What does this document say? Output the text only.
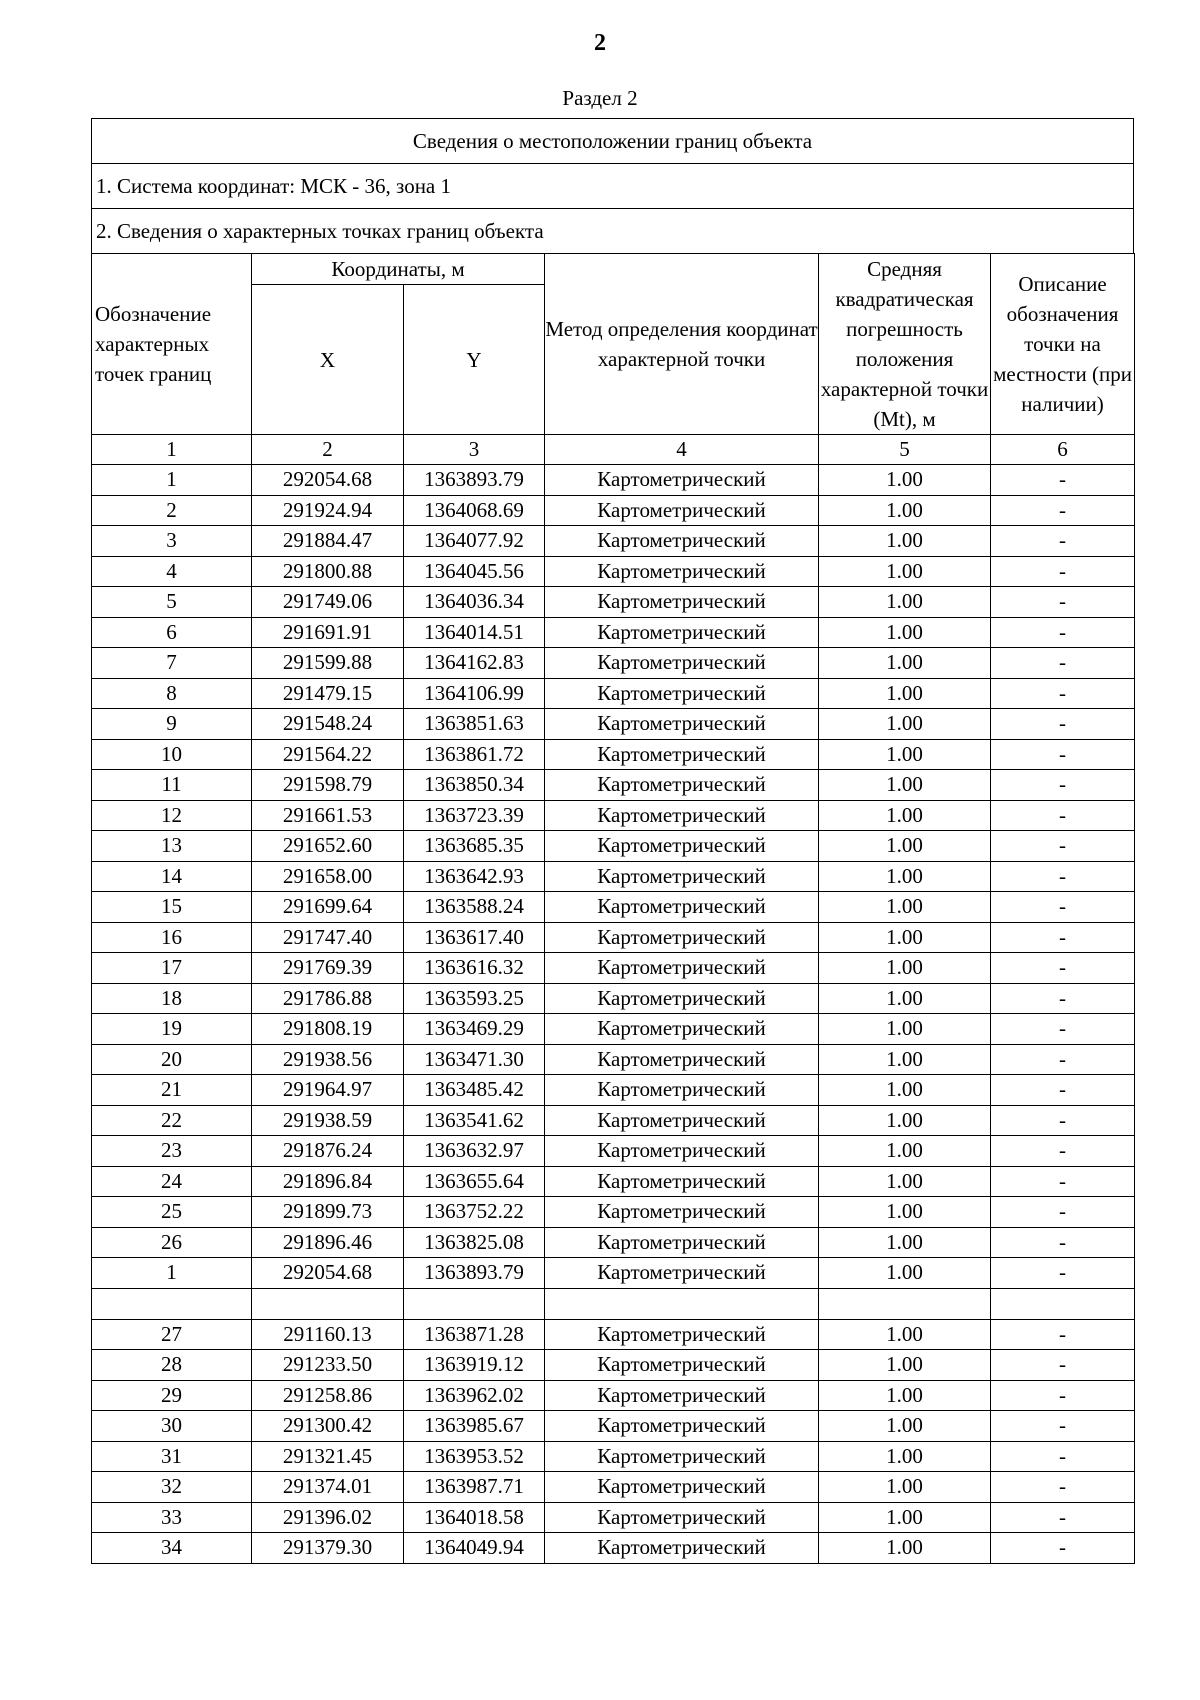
2
Раздел 2
Сведения о местоположении границ объекта
1. Система координат: МСК - 36, зона 1
2. Сведения о характерных точках границ объекта
Обозначение характерных точек границ	Координаты, м		Метод определения координат характерной точки	Средняя квадратическая погрешность положения характерной точки (Mt), м	Описание обозначения точки на местности (при наличии)
	X	Y			
1	2	3	4	5	6
1	292054.68	1363893.79	Картометрический	1.00	-
2	291924.94	1364068.69	Картометрический	1.00	-
3	291884.47	1364077.92	Картометрический	1.00	-
4	291800.88	1364045.56	Картометрический	1.00	-
5	291749.06	1364036.34	Картометрический	1.00	-
6	291691.91	1364014.51	Картометрический	1.00	-
7	291599.88	1364162.83	Картометрический	1.00	-
8	291479.15	1364106.99	Картометрический	1.00	-
9	291548.24	1363851.63	Картометрический	1.00	-
10	291564.22	1363861.72	Картометрический	1.00	-
11	291598.79	1363850.34	Картометрический	1.00	-
12	291661.53	1363723.39	Картометрический	1.00	-
13	291652.60	1363685.35	Картометрический	1.00	-
14	291658.00	1363642.93	Картометрический	1.00	-
15	291699.64	1363588.24	Картометрический	1.00	-
16	291747.40	1363617.40	Картометрический	1.00	-
17	291769.39	1363616.32	Картометрический	1.00	-
18	291786.88	1363593.25	Картометрический	1.00	-
19	291808.19	1363469.29	Картометрический	1.00	-
20	291938.56	1363471.30	Картометрический	1.00	-
21	291964.97	1363485.42	Картометрический	1.00	-
22	291938.59	1363541.62	Картометрический	1.00	-
23	291876.24	1363632.97	Картометрический	1.00	-
24	291896.84	1363655.64	Картометрический	1.00	-
25	291899.73	1363752.22	Картометрический	1.00	-
26	291896.46	1363825.08	Картометрический	1.00	-
1	292054.68	1363893.79	Картометрический	1.00	-

27	291160.13	1363871.28	Картометрический	1.00	-
28	291233.50	1363919.12	Картометрический	1.00	-
29	291258.86	1363962.02	Картометрический	1.00	-
30	291300.42	1363985.67	Картометрический	1.00	-
31	291321.45	1363953.52	Картометрический	1.00	-
32	291374.01	1363987.71	Картометрический	1.00	-
33	291396.02	1364018.58	Картометрический	1.00	-
34	291379.30	1364049.94	Картометрический	1.00	-
